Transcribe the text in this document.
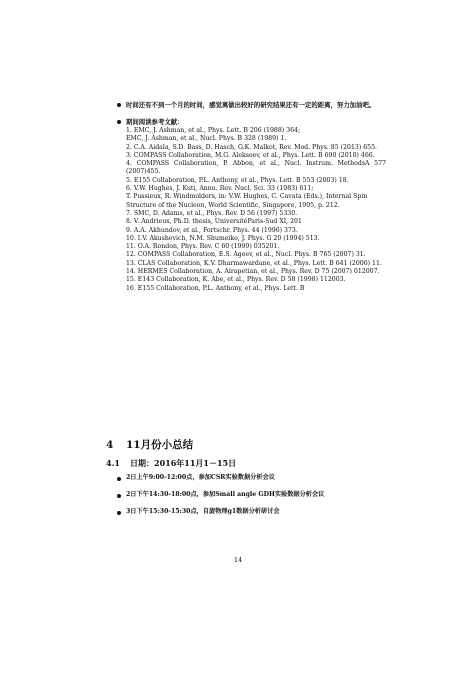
时间还有不到一个月的时间，感觉离做出较好的研究结果还有一定的距离，努力加油吧。
期间阅读参考文献：
1. EMC, J. Ashman, et al., Phys. Lett. B 206 (1988) 364;
EMC, J. Ashman, et al., Nucl. Phys. B 328 (1989) 1.
2. C.A. Aidala, S.D. Bass, D. Hasch, G.K. Malkot, Rev. Mod. Phys. 85 (2013) 655.
3. COMPASS Collaboration, M.G. Alekseev, et al., Phys. Lett. B 690 (2010) 466.
4. COMPASS Collaboration, P. Abbon, et al., Nucl. Instrum. MethodsA 577 (2007)455.
5. E155 Collaboration, P.L. Anthony, et al., Phys. Lett. B 553 (2003) 18.
6. V.W. Hughes, J. Kuti, Annu. Rev. Nucl. Sci. 33 (1983) 611;
T. Pussieux, R. Windmolders, in: V.W. Hughes, C. Cavata (Eds.), Internal Spin
Structure of the Nucleon, World Scientific, Singapore, 1995, p. 212.
7. SMC, D. Adams, et al., Phys. Rev. D 56 (1997) 5330.
8. V. Andrieux, Ph.D. thesis, UniversitéParis-Sud XI, 201
9. A.A. Akhundov, et al., Fortschr. Phys. 44 (1996) 373.
10. I.V. Akushevich, N.M. Shumeiko, J. Phys. G 20 (1994) 513.
11. O.A. Rondon, Phys. Rev. C 60 (1999) 035201.
12. COMPASS Collaboration, E.S. Ageev, et al., Nucl. Phys. B 765 (2007) 31.
13. CLAS Collaboration, K.V. Dharmawardane, et al., Phys. Lett. B 641 (2006) 11.
14. HERMES Collaboration, A. Airapetian, et al., Phys. Rev. D 75 (2007) 012007.
15. E143 Collaboration, K. Abe, et al., Phys. Rev. D 58 (1998) 112003.
16. E155 Collaboration, P.L. Anthony, et al., Phys. Lett. B
4 11月份小总结
4.1 日期：2016年11月1－15日
2日上午9:00-12:00点，参加CSR实验数据分析会议
2日下午14:30-18:00点，参加Small angle GDH实验数据分析会议
3日下午15:30-15:30点，自旋物理g1数据分析研讨会
14
